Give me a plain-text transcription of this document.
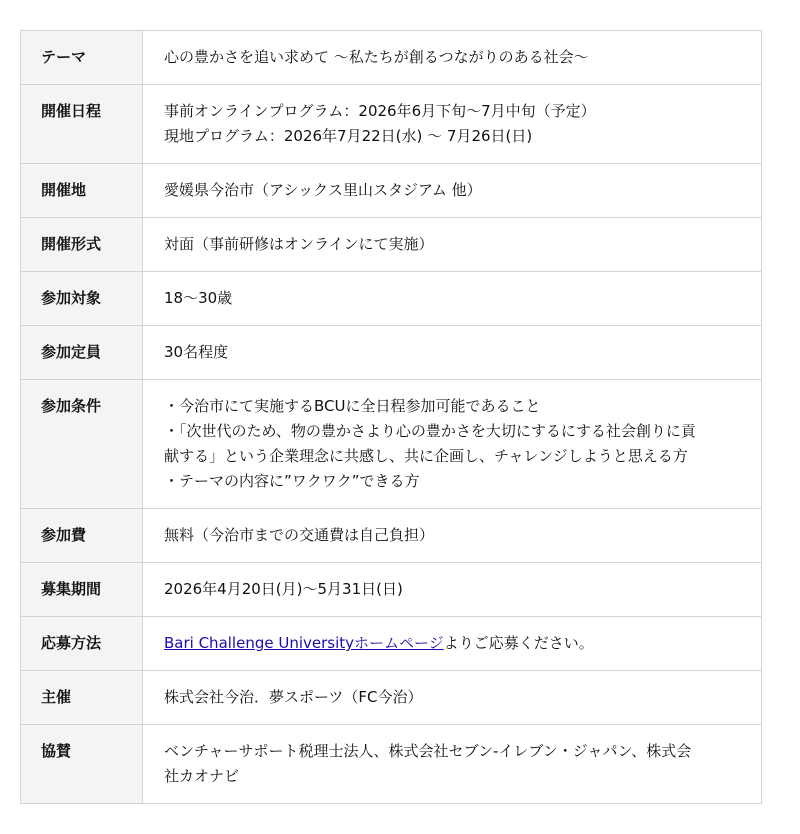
テーマ	心の豊かさを追い求めて 〜私たちが創るつながりのある社会〜
開催日程	事前オンラインプログラム：2026年6月下旬〜7月中旬（予定）
現地プログラム：2026年7月22日(水) 〜 7月26日(日)

開催地	愛媛県今治市（アシックス里山スタジアム 他）
開催形式	対面（事前研修はオンラインにて実施）
参加対象	18〜30歳
参加定員	30名程度
参加条件	・今治市にて実施するBCUに全日程参加可能であること
・「次世代のため、物の豊かさより心の豊かさを大切にするにする社会創りに貢
献する」という企業理念に共感し、共に企画し、チャレンジしようと思える方
・テーマの内容に”ワクワク”できる方

参加費	無料（今治市までの交通費は自己負担）
募集期間	2026年4月20日(月)〜5月31日(日)
応募方法	Bari Challenge Universityホームページよりご応募ください。
主催	株式会社今治．夢スポーツ（FC今治）
協賛	ベンチャーサポート税理士法人、株式会社セブン-イレブン・ジャパン、株式会
社カオナビ
